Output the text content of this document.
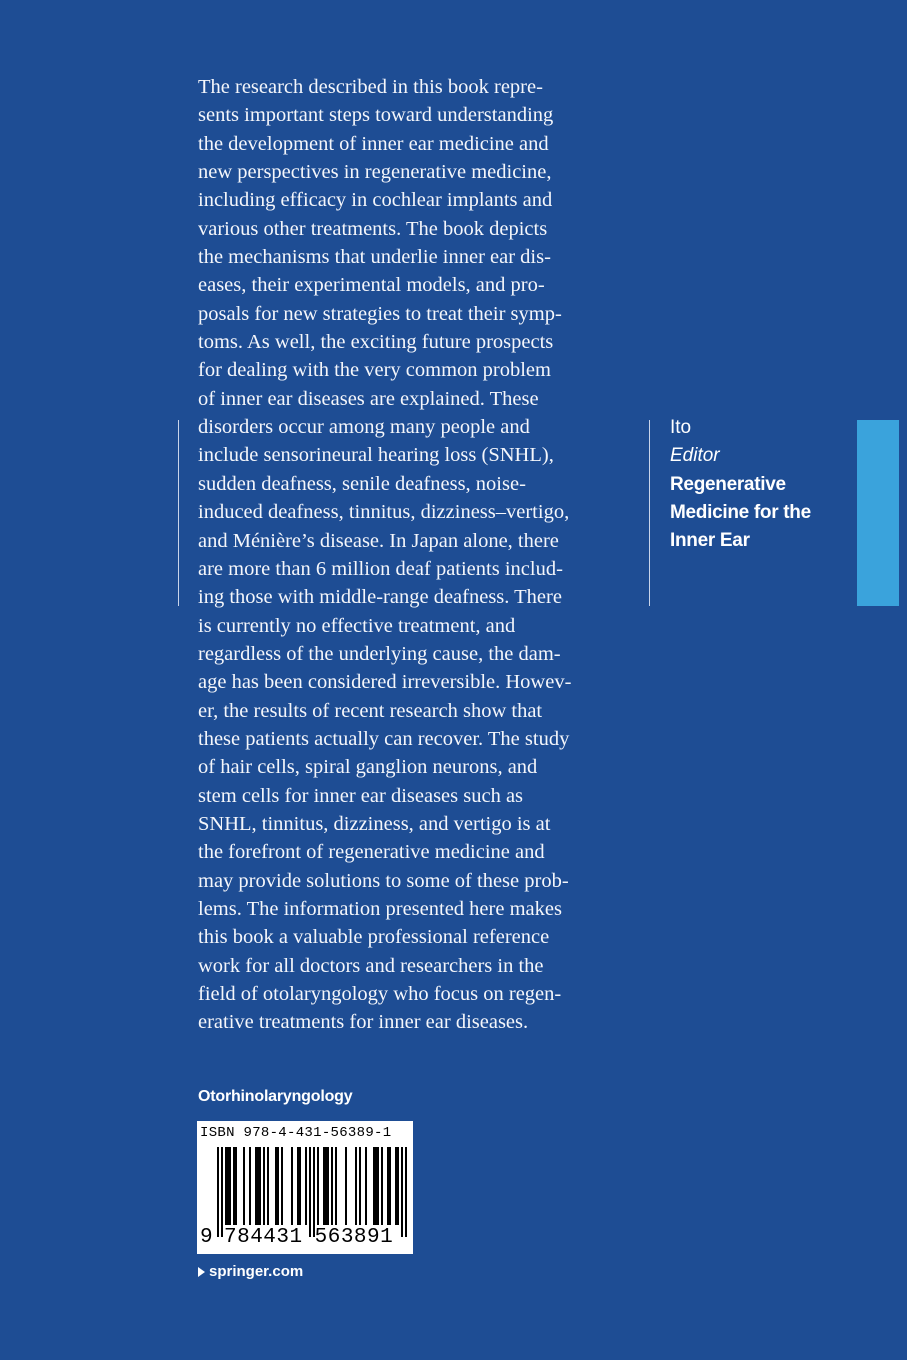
The research described in this book repre-
sents important steps toward understanding
the development of inner ear medicine and
new perspectives in regenerative medicine,
including efficacy in cochlear implants and
various other treatments. The book depicts
the mechanisms that underlie inner ear dis-
eases, their experimental models, and pro-
posals for new strategies to treat their symp-
toms. As well, the exciting future prospects
for dealing with the very common problem
of inner ear diseases are explained. These
disorders occur among many people and
include sensorineural hearing loss (SNHL),
sudden deafness, senile deafness, noise-
induced deafness, tinnitus, dizziness–vertigo,
and Ménière’s disease. In Japan alone, there
are more than 6 million deaf patients includ-
ing those with middle-range deafness. There
is currently no effective treatment, and
regardless of the underlying cause, the dam-
age has been considered irreversible. Howev-
er, the results of recent research show that
these patients actually can recover. The study
of hair cells, spiral ganglion neurons, and
stem cells for inner ear diseases such as
SNHL, tinnitus, dizziness, and vertigo is at
the forefront of regenerative medicine and
may provide solutions to some of these prob-
lems. The information presented here makes
this book a valuable professional reference
work for all doctors and researchers in the
field of otolaryngology who focus on regen-
erative treatments for inner ear diseases.
Ito
Editor
Regenerative
Medicine for the
Inner Ear
Otorhinolaryngology
ISBN 978-4-431-56389-1
9 784431 563891
springer.com
